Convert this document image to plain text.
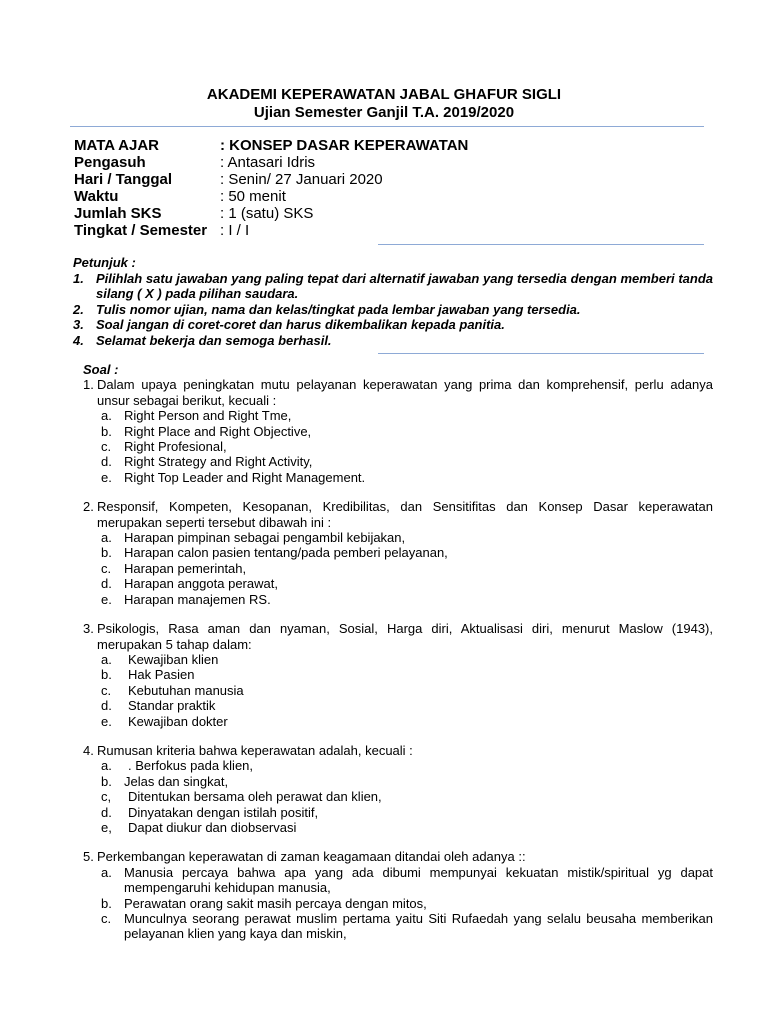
AKADEMI KEPERAWATAN JABAL GHAFUR SIGLI
Ujian Semester Ganjil T.A. 2019/2020
MATA AJAR	: KONSEP DASAR KEPERAWATAN
Pengasuh	: Antasari Idris
Hari / Tanggal	: Senin/ 27 Januari 2020
Waktu	: 50 menit
Jumlah SKS	: 1 (satu) SKS
Tingkat / Semester : I / I
Petunjuk :
1. Pilihlah satu jawaban yang paling tepat dari alternatif jawaban yang tersedia dengan memberi tanda silang ( X ) pada pilihan saudara.
2. Tulis nomor ujian, nama dan kelas/tingkat pada lembar jawaban yang tersedia.
3. Soal jangan di coret-coret dan harus dikembalikan kepada panitia.
4. Selamat bekerja dan semoga berhasil.
Soal :
1. Dalam upaya peningkatan mutu pelayanan keperawatan yang prima dan komprehensif, perlu adanya unsur sebagai berikut, kecuali :
a. Right Person and Right Tme,
b. Right Place and Right Objective,
c. Right Profesional,
d. Right Strategy and Right Activity,
e. Right Top Leader and Right Management.
2. Responsif, Kompeten, Kesopanan, Kredibilitas, dan Sensitifitas dan Konsep Dasar keperawatan merupakan seperti tersebut dibawah ini :
a. Harapan pimpinan sebagai pengambil kebijakan,
b. Harapan calon pasien tentang/pada pemberi pelayanan,
c. Harapan pemerintah,
d. Harapan anggota perawat,
e. Harapan manajemen RS.
3. Psikologis, Rasa aman dan nyaman, Sosial, Harga diri, Aktualisasi diri, menurut Maslow (1943), merupakan 5 tahap dalam:
a.	Kewajiban klien
b.	Hak Pasien
c.	Kebutuhan manusia
d.	Standar praktik
e.	Kewajiban dokter
4. Rumusan kriteria bahwa keperawatan adalah, kecuali :
a.	. Berfokus pada klien,
b. Jelas dan singkat,
c,	Ditentukan bersama oleh perawat dan klien,
d.	Dinyatakan dengan istilah positif,
e,	Dapat diukur dan diobservasi
5. Perkembangan keperawatan di zaman keagamaan ditandai oleh adanya ::
a. Manusia percaya bahwa apa yang ada dibumi mempunyai kekuatan mistik/spiritual yg dapat mempengaruhi kehidupan manusia,
b. Perawatan orang sakit masih percaya dengan mitos,
c. Munculnya seorang perawat muslim pertama yaitu Siti Rufaedah yang selalu beusaha memberikan pelayanan klien yang kaya dan miskin,
